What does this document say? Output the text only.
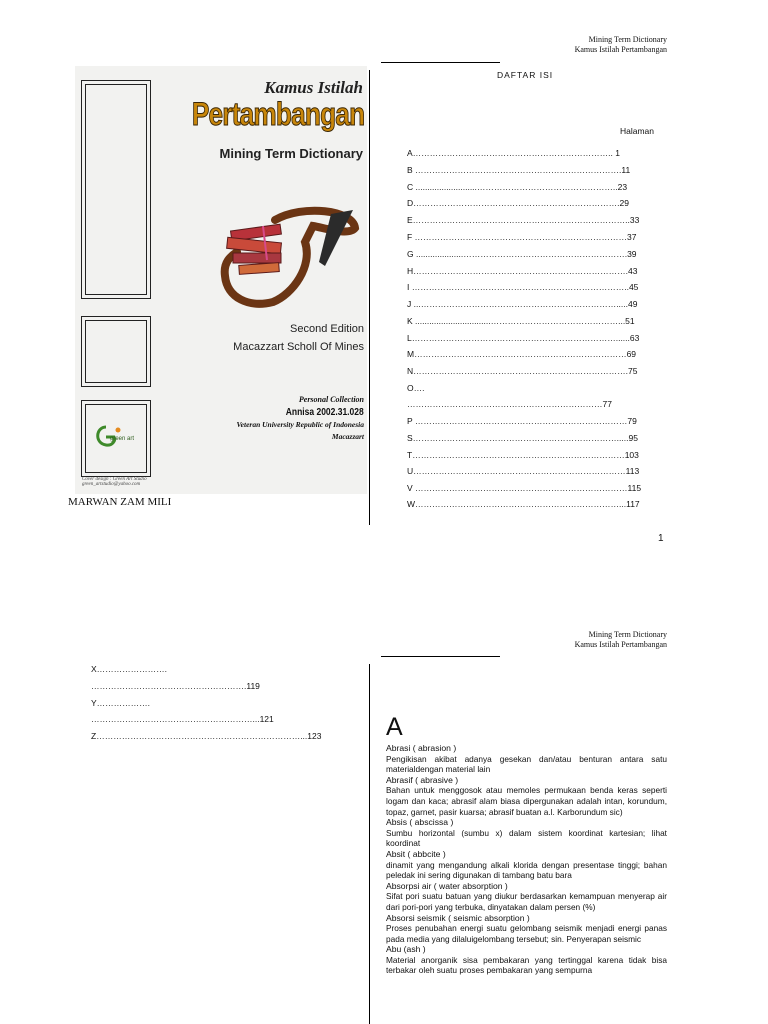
Mining Term Dictionary
Kamus Istilah Pertambangan
green art
Kamus Istilah
Pertambangan
Mining Term Dictionary
Second Edition
Macazzart Scholl Of Mines
Personal Collection
Annisa 2002.31.028
Veteran University Republic of Indonesia
Macazzart
Cover design : Green Art Studio
green_artstudio@yahoo.com
MARWAN ZAM MILI
DAFTAR ISI
Halaman
A…………………………………………………………….. 1
B ……………………………………………………………….11
C ..........................…………………………………………..23
D……………………………………………………………….29
E…………………………………………………………………..33
F …………………………………………………………………37
G ....................………………………………………………….39
H………………………………………………………………….43
I …………………………………………………………………..45
J ...…………………………………………………………….....49
K ................................………………………………………...51
L………………………………………………………………......63
M…………………………………………………………………69
N………………………………………………………………….75
O….
……………………………………………………………77
P …………………………………………………………………79
S……………………………………………………………….....95
T…………………………………………………………………103
U…………………………………………………………………113
V …………………………………………………………………115
W………………………………………………………………...117
1
Mining Term Dictionary
Kamus Istilah Pertambangan
X…………………….
……………………………………………….119
Y……………….
…………………………………………………...121
Z………………………………………………………………...123	A
Abrasi ( abrasion )
Pengikisan akibat adanya gesekan dan/atau benturan antara satu materialdengan material lain
Abrasif ( abrasive )
Bahan untuk menggosok atau memoles permukaan benda keras seperti logam dan kaca; abrasif alam biasa dipergunakan adalah intan, korundum, topaz, garnet, pasir kuarsa; abrasif buatan a.l. Karborundum sic)
Absis ( abscissa )
Sumbu horizontal (sumbu x) dalam sistem koordinat kartesian; lihat koordinat
Absit ( abbcite )
dinamit yang mengandung alkali klorida dengan presentase tinggi; bahan peledak ini sering digunakan di tambang batu bara
Absorpsi air ( water absorption )
Sifat pori suatu batuan yang diukur berdasarkan kemampuan menyerap air dari pori-pori yang terbuka, dinyatakan dalam persen (%)
Absorsi seismik ( seismic absorption )
Proses penubahan energi suatu gelombang seismik menjadi energi panas pada media yang dilaluigelombang tersebut; sin. Penyerapan seismic
Abu (ash )
Material anorganik sisa pembakaran yang tertinggal karena tidak bisa terbakar oleh suatu proses pembakaran yang sempurna
